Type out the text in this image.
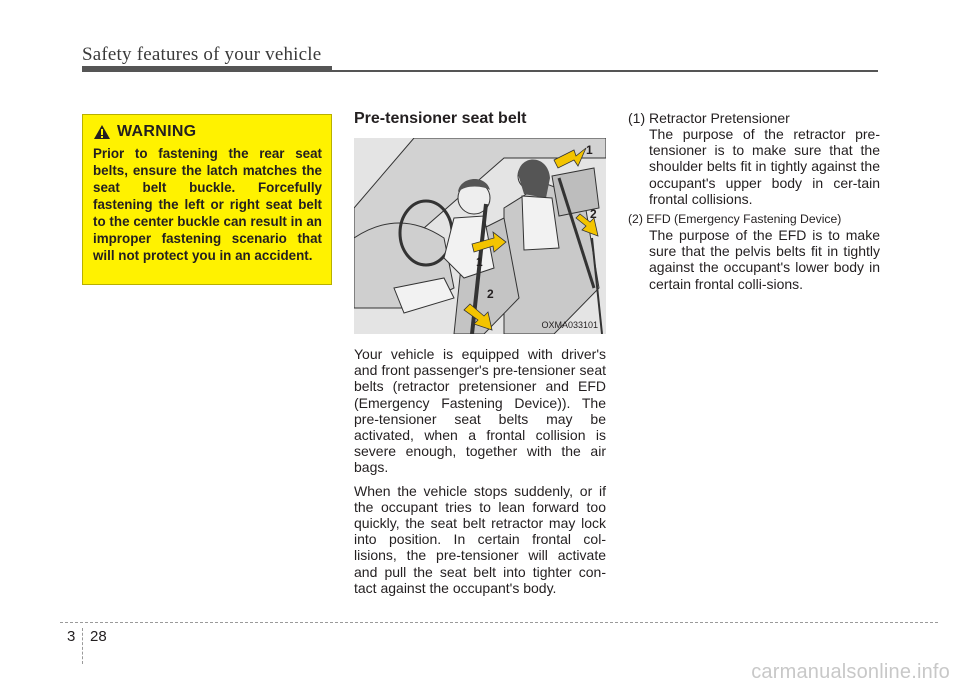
Safety features of your vehicle
WARNING

Prior to fastening the rear seat belts, ensure the latch matches the seat belt buckle. Forcefully fastening the left or right seat belt to the center buckle can result in an improper fastening scenario that will not protect you in an accident.

Pre-tensioner seat belt
1
2
1
2
OXMA033101

Your vehicle is equipped with driver's and front passenger's pre-tensioner seat belts (retractor pretensioner and EFD (Emergency Fastening Device)). The pre-tensioner seat belts may be activated, when a frontal collision is severe enough, together with the air bags.

When the vehicle stops suddenly, or if the occupant tries to lean forward too quickly, the seat belt retractor may lock into position. In certain frontal col-lisions, the pre-tensioner will activate and pull the seat belt into tighter con-tact against the occupant's body.

(1) Retractor Pretensioner

The purpose of the retractor pre-tensioner is to make sure that the shoulder belts fit in tightly against the occupant's upper body in cer-tain frontal collisions.

(2) EFD (Emergency Fastening Device)

The purpose of the EFD is to make sure that the pelvis belts fit in tightly against the occupant's lower body in certain frontal colli-sions.

3 28
carmanualsonline.info
